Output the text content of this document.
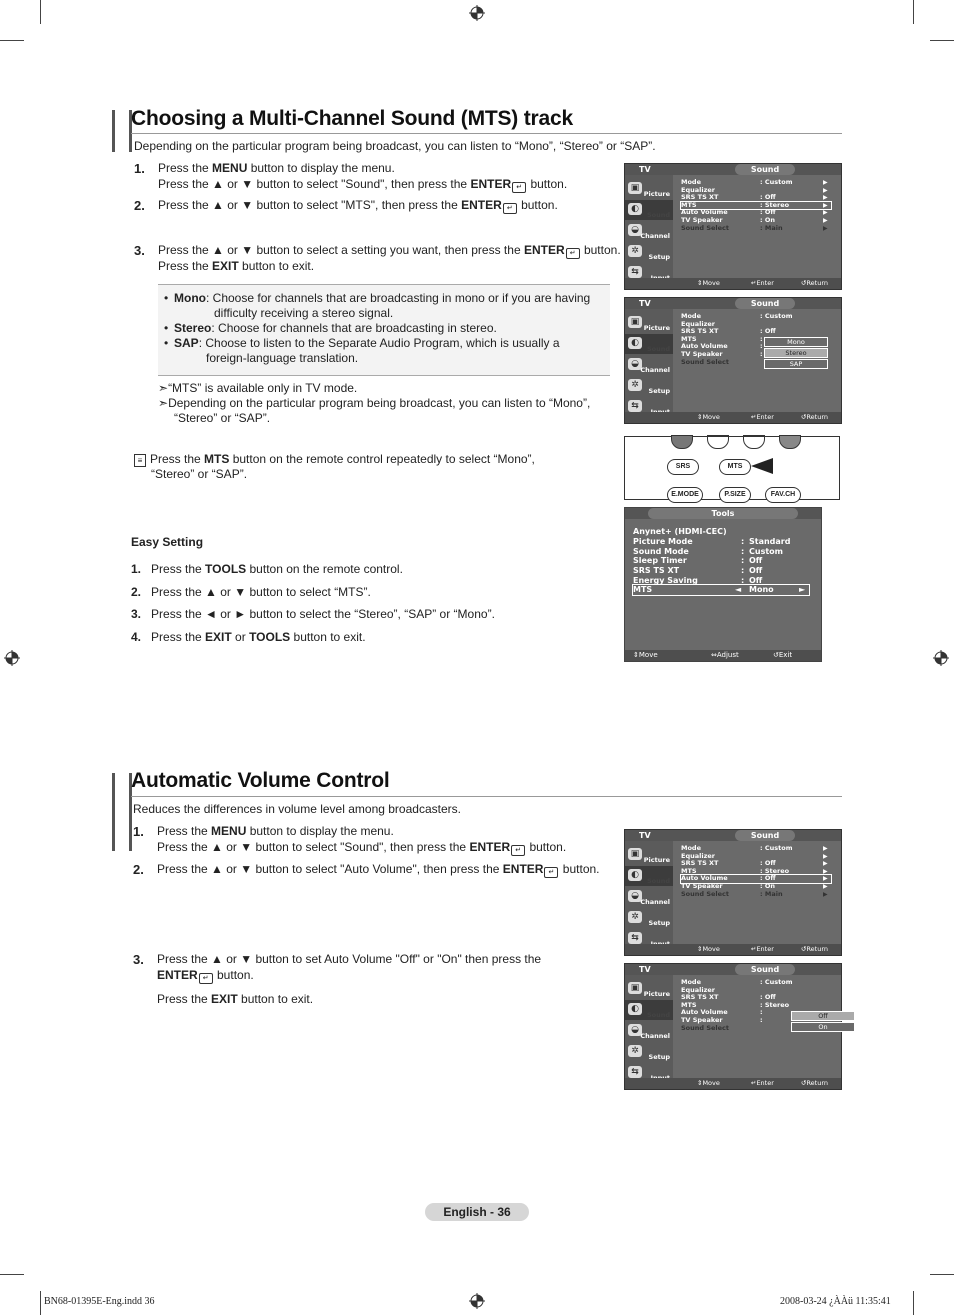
Choosing a Multi-Channel Sound (MTS) track
Depending on the particular program being broadcast, you can listen to “Mono”, “Stereo” or “SAP”.
1. Press the MENU button to display the menu.
Press the ▲ or ▼ button to select "Sound", then press the ENTER ↵ button.
2. Press the ▲ or ▼ button to select "MTS", then press the ENTER ↵ button.
3. Press the ▲ or ▼ button to select a setting you want, then press the ENTER ↵ button.
Press the EXIT button to exit.
• Mono: Choose for channels that are broadcasting in mono or if you are having
difficulty receiving a stereo signal.
• Stereo: Choose for channels that are broadcasting in stereo.
• SAP: Choose to listen to the Separate Audio Program, which is usually a
foreign-language translation.
➣“MTS” is available only in TV mode.
➣Depending on the particular program being broadcast, you can listen to “Mono”,
“Stereo” or “SAP”.
≡ Press the MTS button on the remote control repeatedly to select “Mono”,
“Stereo” or “SAP”.
Easy Setting
1.   Press the TOOLS button on the remote control.
2.   Press the ▲ or ▼ button to select “MTS”.
3.   Press the ◄ or ► button to select the “Stereo”, “SAP” or “Mono”.
4.   Press the EXIT or TOOLS button to exit.
TV	Sound
▣
Picture
◐
Sound
◒
Channel
✲
Setup
⇆
Mode	: Custom	▶
Equalizer	▶
SRS TS XT	: Off	▶
MTS	: Stereo	▶
Auto Volume	: Off	▶
TV Speaker	: On	▶
Sound Select	: Main	▶
⇕ Move	↵ Enter	↺ Return
TV	Sound
▣
Picture
◐
Sound
◒
Channel
✲
Setup
⇆
Mode	: Custom
Equalizer
SRS TS XT	: Off
MTS	:
Auto Volume	:
TV Speaker	:
Sound Select
Mono
Stereo
SAP
⇕ Move	↵ Enter	↺ Return
SRS	MTS
E.MODE	P.SIZE	FAV.CH
Tools
Anynet+ (HDMI-CEC)
Picture Mode	: Standard
Sound Mode	: Custom
Sleep Timer	: Off
SRS TS XT	: Off
Energy Saving	: Off
MTS	◄ Mono	►
⇕ Move	⇔ Adjust	↺ Exit
Automatic Volume Control
Reduces the differences in volume level among broadcasters.
1. Press the MENU button to display the menu.
Press the ▲ or ▼ button to select "Sound", then press the ENTER ↵ button.
2. Press the ▲ or ▼ button to select "Auto Volume", then press the ENTER ↵ button.
3. Press the ▲ or ▼ button to set Auto Volume "Off" or "On" then press the
ENTER ↵ button.
Press the EXIT button to exit.
TV	Sound
▣
Picture
◐
Sound
◒
Channel
✲
Setup
⇆
Mode	: Custom	▶
Equalizer	▶
SRS TS XT	: Off	▶
MTS	: Stereo	▶
Auto Volume	: Off	▶
TV Speaker	: On	▶
Sound Select	: Main	▶
⇕ Move	↵ Enter	↺ Return
TV	Sound
▣
Picture
◐
Sound
◒
Channel
✲
Setup
⇆
Mode	: Custom
Equalizer
SRS TS XT	: Off
MTS	: Stereo
Auto Volume	:
TV Speaker	:
Sound Select
Off
On
⇕ Move	↵ Enter	↺ Return
English - 36
BN68-01395E-Eng.indd 36	2008-03-24 ¿ÀÀü 11:35:41
